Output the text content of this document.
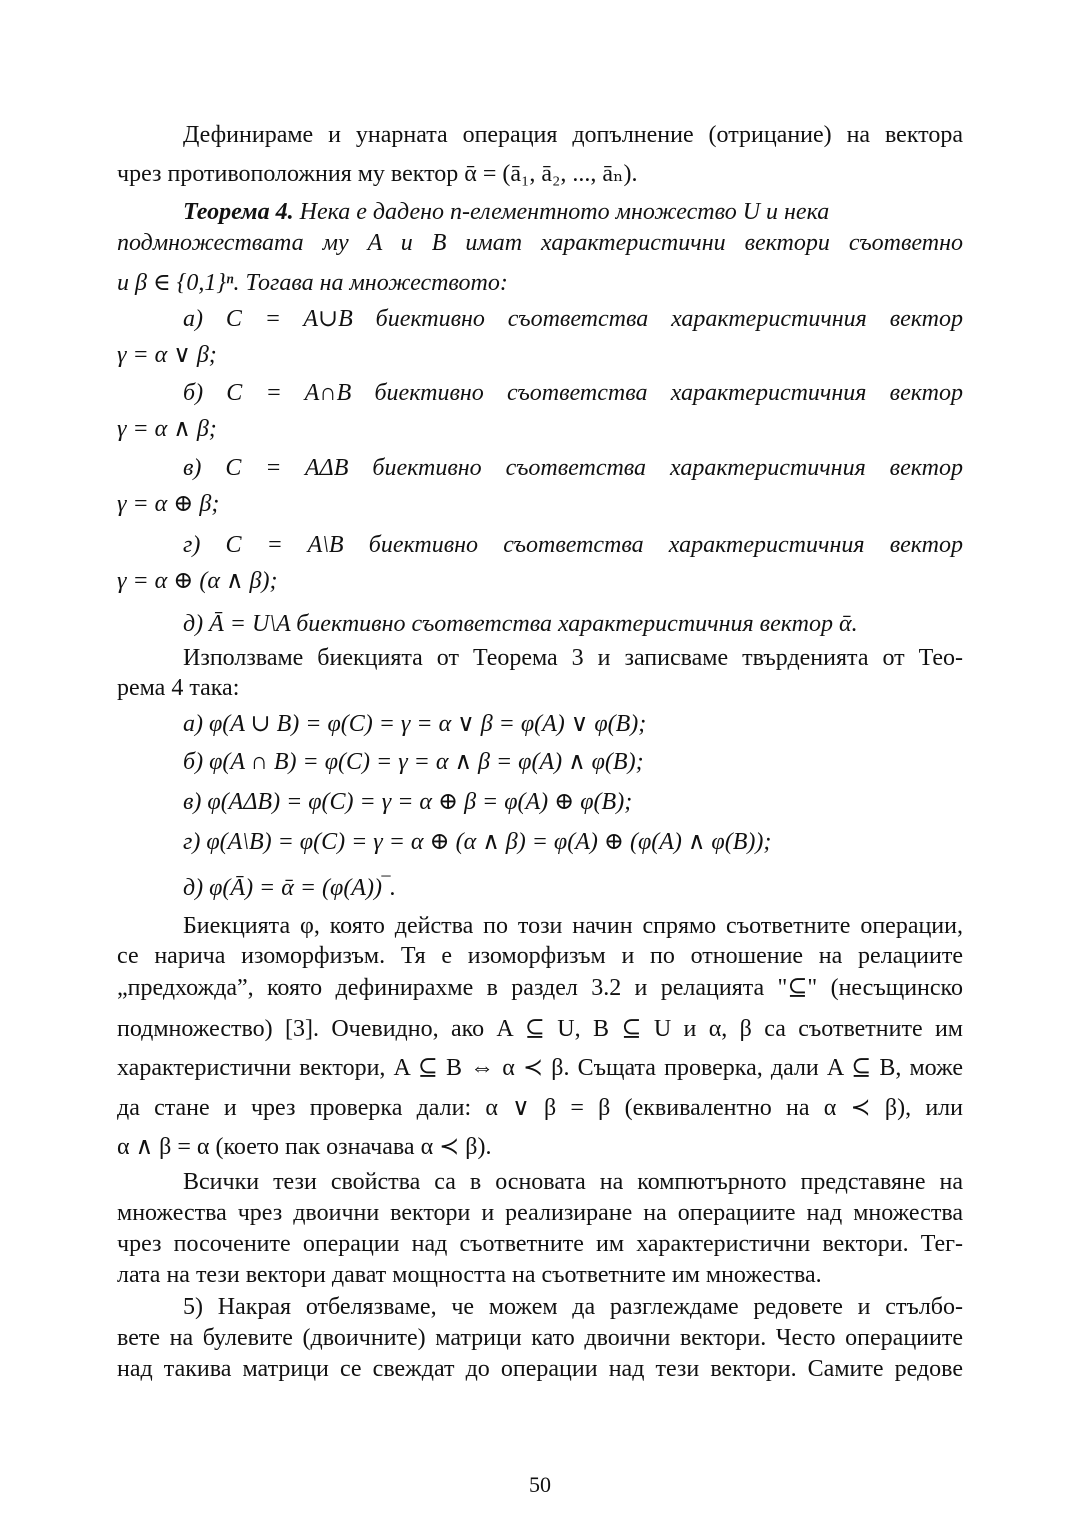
Дефинираме и унарната операция допълнение (отрицание) на вектора

чрез противоположния му вектор ᾱ = (ā₁, ā₂, ..., āₙ).

Теорема 4. Нека е дадено n-елементното множество U и нека

подмножествата му A и B имат характеристични вектори съответно

и β ∈ {0,1}ⁿ. Тогава на множеството:

а) C = A∪B биективно съответства характеристичния вектор

γ = α ∨ β;

б) C = A∩B биективно съответства характеристичния вектор

γ = α ∧ β;

в) C = AΔB биективно съответства характеристичния вектор

γ = α ⊕ β;

г) C = A\B биективно съответства характеристичния вектор

γ = α ⊕ (α ∧ β);

д) Ā = U\A биективно съответства характеристичния вектор ᾱ.

Използваме биекцията от Теорема 3 и записваме твърденията от Тео-

рема 4 така:

а) φ(A ∪ B) = φ(C) = γ = α ∨ β = φ(A) ∨ φ(B);

б) φ(A ∩ B) = φ(C) = γ = α ∧ β = φ(A) ∧ φ(B);

в) φ(AΔB) = φ(C) = γ = α ⊕ β = φ(A) ⊕ φ(B);

г) φ(A\B) = φ(C) = γ = α ⊕ (α ∧ β) = φ(A) ⊕ (φ(A) ∧ φ(B));

д) φ(Ā) = ᾱ = (φ(A))‾.

Биекцията φ, която действа по този начин спрямо съответните операции,

се нарича изоморфизъм. Тя е изоморфизъм и по отношение на релациите

„предхожда”, която дефинирахме в раздел 3.2 и релацията "⊆" (несъщинско

подмножество) [3]. Очевидно, ако A ⊆ U, B ⊆ U и α, β са съответните им

характеристични вектори, A ⊆ B ⇔ α ≺ β. Същата проверка, дали A ⊆ B, може

да стане и чрез проверка дали: α ∨ β = β (еквивалентно на α ≺ β), или

α ∧ β = α (което пак означава α ≺ β).

Всички тези свойства са в основата на компютърното представяне на

множества чрез двоични вектори и реализиране на операциите над множества

чрез посочените операции над съответните им характеристични вектори. Тег-

лата на тези вектори дават мощността на съответните им множества.

5) Накрая отбелязваме, че можем да разглеждаме редовете и стълбо-

вете на булевите (двоичните) матрици като двоични вектори. Често операциите

над такива матрици се свеждат до операции над тези вектори. Самите редове

50
